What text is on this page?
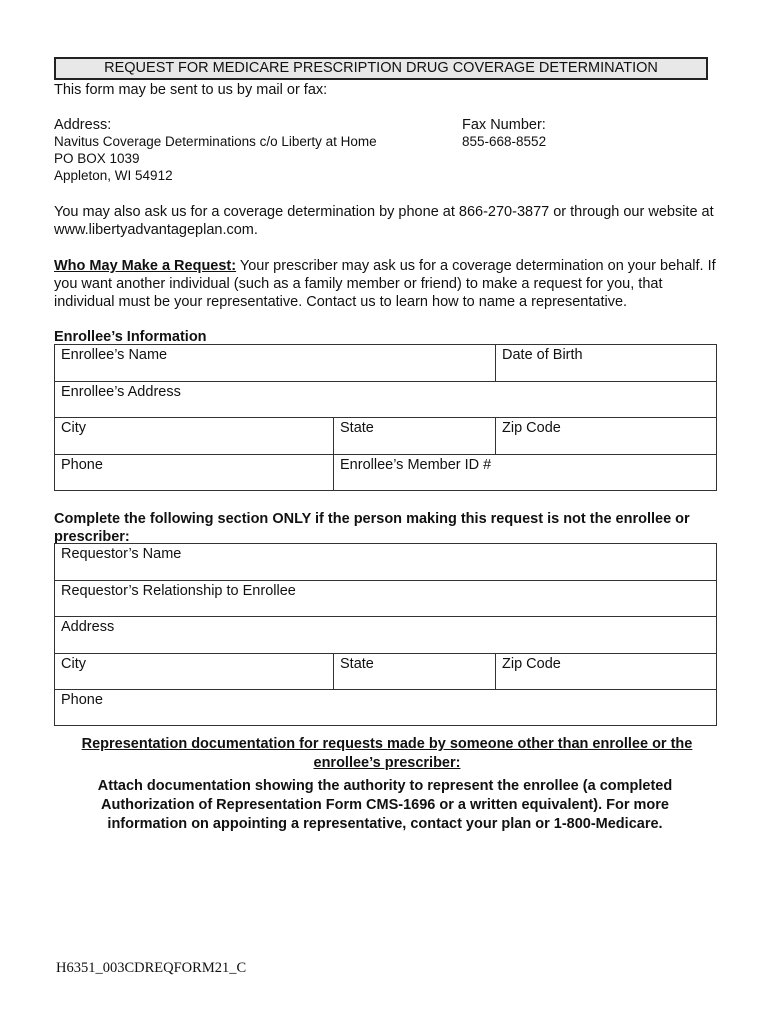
REQUEST FOR MEDICARE PRESCRIPTION DRUG COVERAGE DETERMINATION
This form may be sent to us by mail or fax:
Address:
Navitus Coverage Determinations c/o Liberty at Home
PO BOX 1039
Appleton, WI 54912
Fax Number:
855-668-8552
You may also ask us for a coverage determination by phone at 866-270-3877 or through our website at www.libertyadvantageplan.com.
Who May Make a Request: Your prescriber may ask us for a coverage determination on your behalf. If you want another individual (such as a family member or friend) to make a request for you, that individual must be your representative. Contact us to learn how to name a representative.
Enrollee’s Information
Enrollee’s Name		Date of Birth
Enrollee’s Address		
City	State	Zip Code
Phone	Enrollee’s Member ID #	
Complete the following section ONLY if the person making this request is not the enrollee or prescriber:
Requestor’s Name
Requestor’s Relationship to Enrollee
Address
City	State	Zip Code
Phone
Representation documentation for requests made by someone other than enrollee or the enrollee’s prescriber:
Attach documentation showing the authority to represent the enrollee (a completed Authorization of Representation Form CMS-1696 or a written equivalent). For more information on appointing a representative, contact your plan or 1-800-Medicare.
H6351_003CDREQFORM21_C
